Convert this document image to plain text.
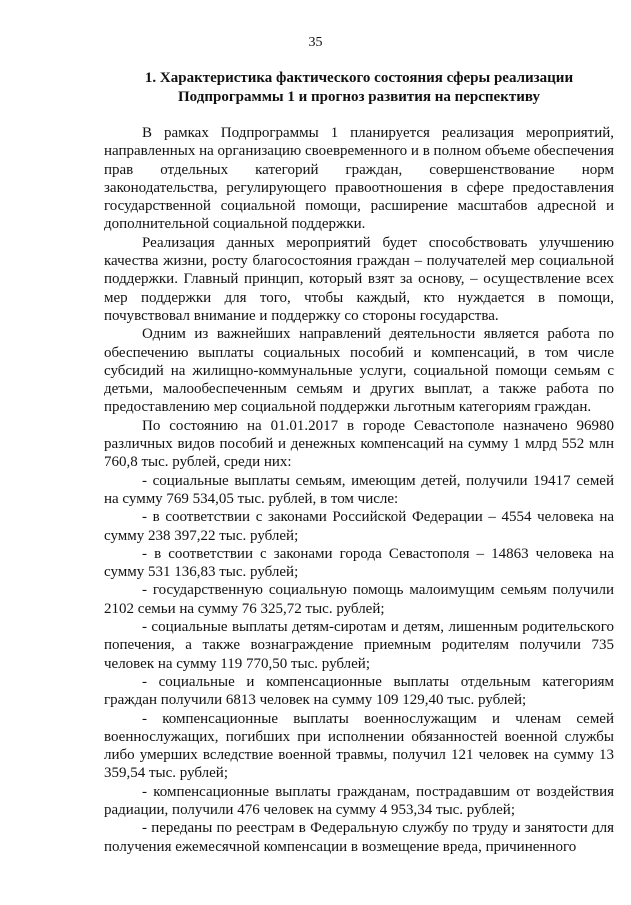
35
1. Характеристика фактического состояния сферы реализации
Подпрограммы 1 и прогноз развития на перспективу

В рамках Подпрограммы 1 планируется реализация мероприятий, направленных на организацию своевременного и в полном объеме обеспечения прав отдельных категорий граждан, совершенствование норм законодательства, регулирующего правоотношения в сфере предоставления государственной социальной помощи, расширение масштабов адресной и дополнительной социальной поддержки.

Реализация данных мероприятий будет способствовать улучшению качества жизни, росту благосостояния граждан – получателей мер социальной поддержки. Главный принцип, который взят за основу, – осуществление всех мер поддержки для того, чтобы каждый, кто нуждается в помощи, почувствовал внимание и поддержку со стороны государства.

Одним из важнейших направлений деятельности является работа по обеспечению выплаты социальных пособий и компенсаций, в том числе субсидий на жилищно-коммунальные услуги, социальной помощи семьям с детьми, малообеспеченным семьям и других выплат, а также работа по предоставлению мер социальной поддержки льготным категориям граждан.

По состоянию на 01.01.2017 в городе Севастополе назначено 96980 различных видов пособий и денежных компенсаций на сумму 1 млрд 552 млн 760,8 тыс. рублей, среди них:

- социальные выплаты семьям, имеющим детей, получили 19417 семей на сумму 769 534,05 тыс. рублей, в том числе:

- в соответствии с законами Российской Федерации – 4554 человека на сумму 238 397,22 тыс. рублей;

- в соответствии с законами города Севастополя – 14863 человека на сумму 531 136,83 тыс. рублей;

- государственную социальную помощь малоимущим семьям получили 2102 семьи на сумму 76 325,72 тыс. рублей;

- социальные выплаты детям-сиротам и детям, лишенным родительского попечения, а также вознаграждение приемным родителям получили 735 человек на сумму 119 770,50 тыс. рублей;

- социальные и компенсационные выплаты отдельным категориям граждан получили 6813 человек на сумму 109 129,40 тыс. рублей;

- компенсационные выплаты военнослужащим и членам семей военнослужащих, погибших при исполнении обязанностей военной службы либо умерших вследствие военной травмы, получил 121 человек на сумму 13 359,54 тыс. рублей;

- компенсационные выплаты гражданам, пострадавшим от воздействия радиации, получили 476 человек на сумму 4 953,34 тыс. рублей;

- переданы по реестрам в Федеральную службу по труду и занятости для получения ежемесячной компенсации в возмещение вреда, причиненного
